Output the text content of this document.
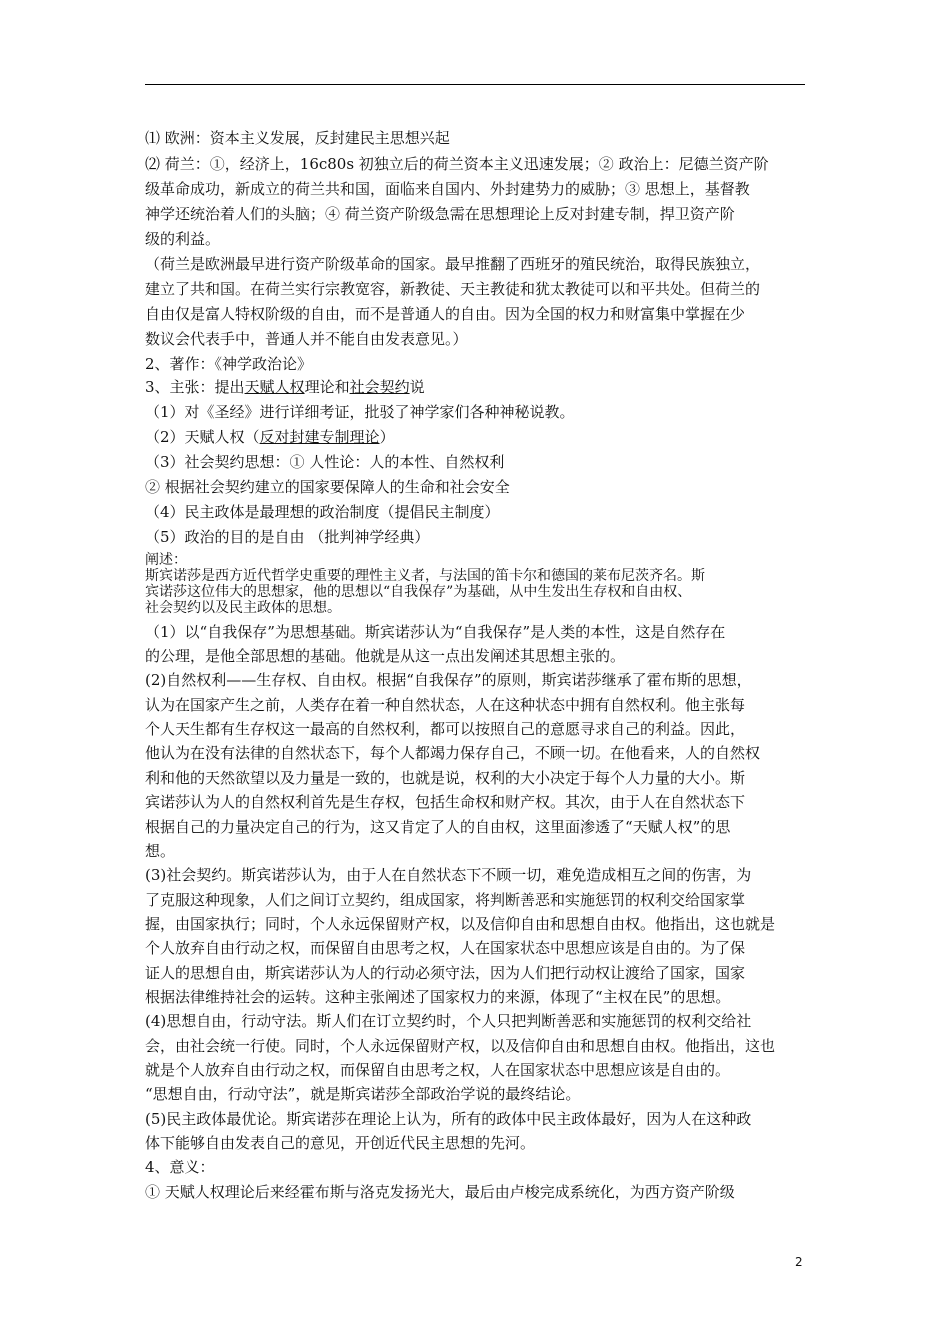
⑴ 欧洲：资本主义发展，反封建民主思想兴起
⑵ 荷兰：①，经济上，16c80s 初独立后的荷兰资本主义迅速发展；② 政治上：尼德兰资产阶
级革命成功，新成立的荷兰共和国，面临来自国内、外封建势力的威胁；③ 思想上，基督教
神学还统治着人们的头脑；④ 荷兰资产阶级急需在思想理论上反对封建专制，捍卫资产阶
级的利益。
（荷兰是欧洲最早进行资产阶级革命的国家。最早推翻了西班牙的殖民统治，取得民族独立，
建立了共和国。在荷兰实行宗教宽容，新教徒、天主教徒和犹太教徒可以和平共处。但荷兰的
自由仅是富人特权阶级的自由，而不是普通人的自由。因为全国的权力和财富集中掌握在少
数议会代表手中，普通人并不能自由发表意见。）
2、著作：《神学政治论》
3、主张：提出天赋人权理论和社会契约说
（1）对《圣经》进行详细考证，批驳了神学家们各种神秘说教。
（2）天赋人权（反对封建专制理论）
（3）社会契约思想：① 人性论：人的本性、自然权利
② 根据社会契约建立的国家要保障人的生命和社会安全
（4）民主政体是最理想的政治制度（提倡民主制度）
（5）政治的目的是自由 （批判神学经典）
阐述：
斯宾诺莎是西方近代哲学史重要的理性主义者，与法国的笛卡尔和德国的莱布尼茨齐名。斯
宾诺莎这位伟大的思想家，他的思想以“自我保存”为基础，从中生发出生存权和自由权、
社会契约以及民主政体的思想。
（1）以“自我保存”为思想基础。斯宾诺莎认为“自我保存”是人类的本性，这是自然存在
的公理，是他全部思想的基础。他就是从这一点出发阐述其思想主张的。
(2)自然权利——生存权、自由权。根据“自我保存”的原则，斯宾诺莎继承了霍布斯的思想，
认为在国家产生之前，人类存在着一种自然状态，人在这种状态中拥有自然权利。他主张每
个人天生都有生存权这一最高的自然权利，都可以按照自己的意愿寻求自己的利益。因此，
他认为在没有法律的自然状态下，每个人都竭力保存自己，不顾一切。在他看来，人的自然权
利和他的天然欲望以及力量是一致的，也就是说，权利的大小决定于每个人力量的大小。斯
宾诺莎认为人的自然权利首先是生存权，包括生命权和财产权。其次，由于人在自然状态下
根据自己的力量决定自己的行为，这又肯定了人的自由权，这里面渗透了“天赋人权”的思
想。
(3)社会契约。斯宾诺莎认为，由于人在自然状态下不顾一切，难免造成相互之间的伤害，为
了克服这种现象，人们之间订立契约，组成国家，将判断善恶和实施惩罚的权利交给国家掌
握，由国家执行；同时，个人永远保留财产权，以及信仰自由和思想自由权。他指出，这也就是
个人放弃自由行动之权，而保留自由思考之权，人在国家状态中思想应该是自由的。为了保
证人的思想自由，斯宾诺莎认为人的行动必须守法，因为人们把行动权让渡给了国家，国家
根据法律维持社会的运转。这种主张阐述了国家权力的来源，体现了“主权在民”的思想。
(4)思想自由，行动守法。斯人们在订立契约时，个人只把判断善恶和实施惩罚的权利交给社
会，由社会统一行使。同时，个人永远保留财产权，以及信仰自由和思想自由权。他指出，这也
就是个人放弃自由行动之权，而保留自由思考之权，人在国家状态中思想应该是自由的。
“思想自由，行动守法”，就是斯宾诺莎全部政治学说的最终结论。
(5)民主政体最优论。斯宾诺莎在理论上认为，所有的政体中民主政体最好，因为人在这种政
体下能够自由发表自己的意见，开创近代民主思想的先河。
4、意义：
① 天赋人权理论后来经霍布斯与洛克发扬光大，最后由卢梭完成系统化，为西方资产阶级
2
